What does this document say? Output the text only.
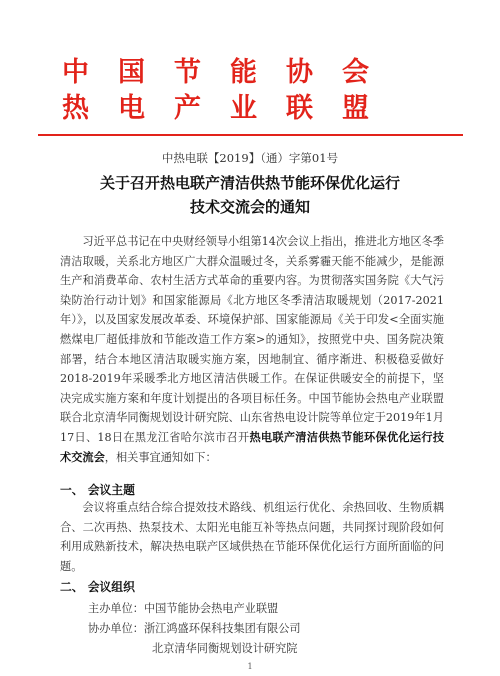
中国节能协会
热电产业联盟
中热电联【2019】（通）字第01号
关于召开热电联产清洁供热节能环保优化运行
技术交流会的通知

习近平总书记在中央财经领导小组第14次会议上指出，推进北方地区冬季清洁取暖，关系北方地区广大群众温暖过冬，关系雾霾天能不能减少，是能源生产和消费革命、农村生活方式革命的重要内容。为贯彻落实国务院《大气污染防治行动计划》和国家能源局《北方地区冬季清洁取暖规划（2017-2021年）》，以及国家发展改革委、环境保护部、国家能源局《关于印发<全面实施燃煤电厂超低排放和节能改造工作方案>的通知》，按照党中央、国务院决策部署，结合本地区清洁取暖实施方案，因地制宜、循序渐进、积极稳妥做好2018-2019年采暖季北方地区清洁供暖工作。在保证供暖安全的前提下，坚决完成实施方案和年度计划提出的各项目标任务。中国节能协会热电产业联盟联合北京清华同衡规划设计研究院、山东省热电设计院等单位定于2019年1月17日、18日在黑龙江省哈尔滨市召开热电联产清洁供热节能环保优化运行技术交流会，相关事宜通知如下：

一、 会议主题

会议将重点结合综合提效技术路线、机组运行优化、余热回收、生物质耦合、二次再热、热泵技术、太阳光电能互补等热点问题，共同探讨现阶段如何利用成熟新技术，解决热电联产区域供热在节能环保优化运行方面所面临的问题。

二、 会议组织
主办单位：中国节能协会热电产业联盟
协办单位：浙江鸿盛环保科技集团有限公司
北京清华同衡规划设计研究院
1
